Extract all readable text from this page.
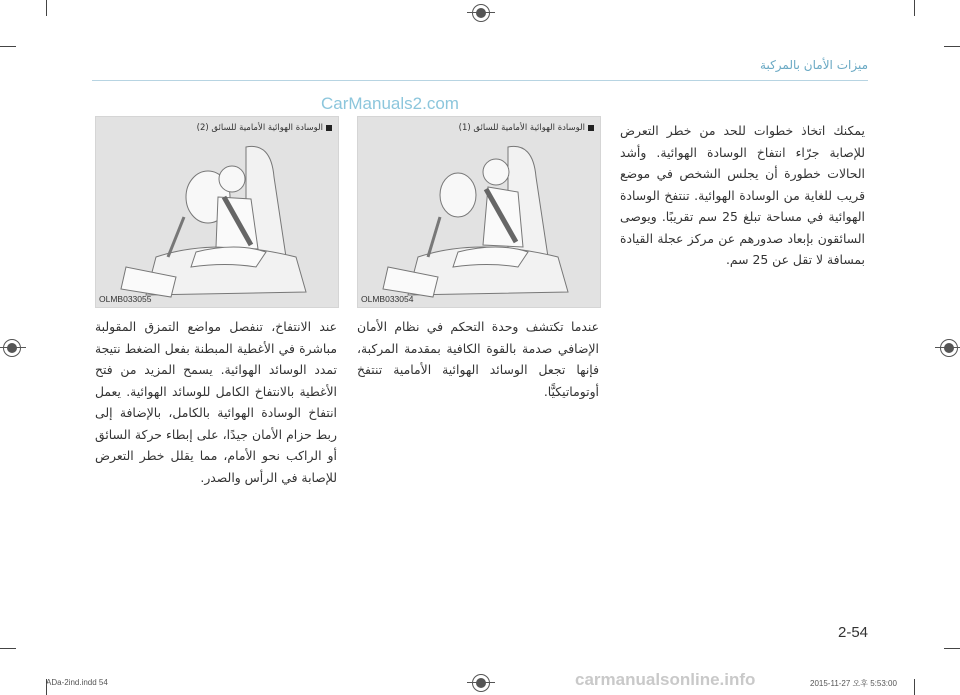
ميزات الأمان بالمركبة
CarManuals2.com
الوسادة الهوائية الأمامية للسائق (1)
OLMB033054
الوسادة الهوائية الأمامية للسائق (2)
OLMB033055
يمكنك اتخاذ خطوات للحد من خطر التعرض للإصابة جرّاء انتفاخ الوسادة الهوائية. وأشد الحالات خطورة أن يجلس الشخص في موضع قريب للغاية من الوسادة الهوائية. تنتفخ الوسادة الهوائية في مساحة تبلغ 25 سم تقريبًا. ويوصى السائقون بإبعاد صدورهم عن مركز عجلة القيادة بمسافة لا تقل عن 25 سم.
عندما تكتشف وحدة التحكم في نظام الأمان الإضافي صدمة بالقوة الكافية بمقدمة المركبة، فإنها تجعل الوسائد الهوائية الأمامية تنتفخ أوتوماتيكيًّا.
عند الانتفاخ، تنفصل مواضع التمزق المقولبة مباشرة في الأغطية المبطنة بفعل الضغط نتيجة تمدد الوسائد الهوائية. يسمح المزيد من فتح الأغطية بالانتفاخ الكامل للوسائد الهوائية. يعمل انتفاخ الوسادة الهوائية بالكامل، بالإضافة إلى ربط حزام الأمان جيدًا، على إبطاء حركة السائق أو الراكب نحو الأمام، مما يقلل خطر التعرض للإصابة في الرأس والصدر.
2-54
ADa-2ind.indd 54	carmanualsonline.info	2015-11-27 ⁠오후 5:53:00
